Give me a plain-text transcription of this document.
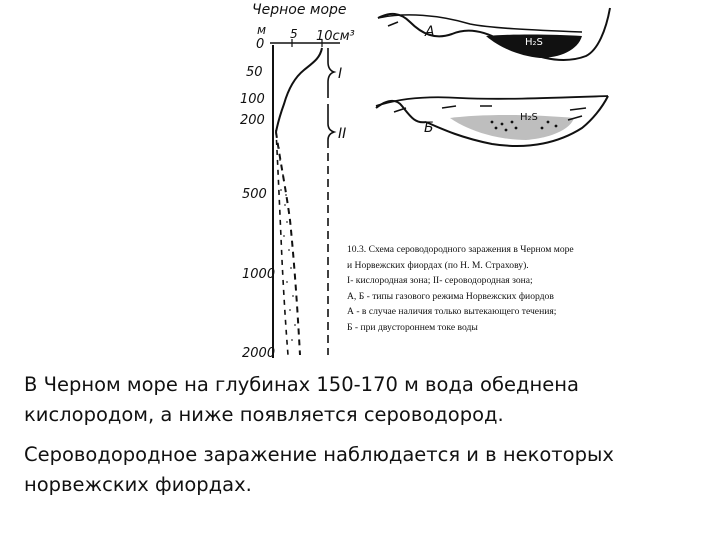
Черное море
м
0
5 10см³
50
100
200
500
1000
2000
I
II
H₂S
А
H₂S
Б
10.3. Схема сероводородного заражения в Черном море
и Норвежских фиордах (по Н. М. Страхову).
I- кислородная зона; II- сероводородная зона;
А, Б - типы газового режима Норвежских фиордов
А - в случае наличия только вытекающего течения;
Б - при двустороннем токе воды

В Черном море на глубинах 150-170 м вода обеднена кислородом, а ниже появляется сероводород.

Сероводородное заражение наблюдается и в некоторых норвежских фиордах.
